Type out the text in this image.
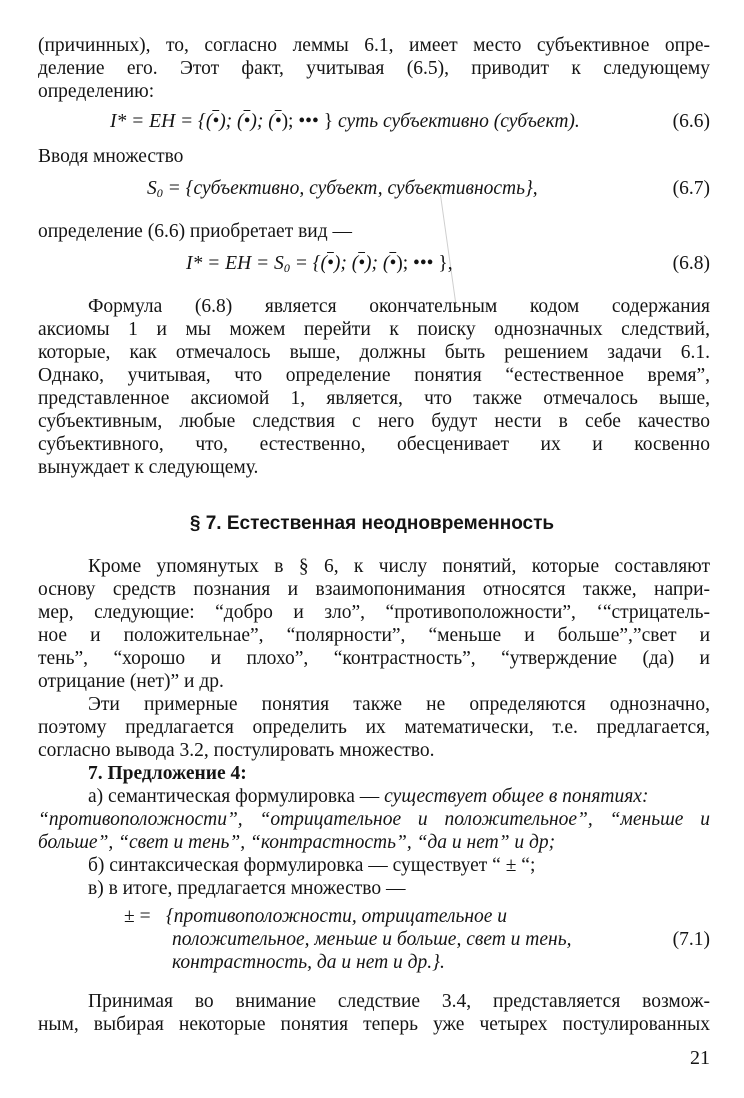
(причинных), то, согласно леммы 6.1, имеет место субъективное опре-
деление его. Этот факт, учитывая (6.5), приводит к следующему
определению:
I* = EH = {(•); (•); (•); ••• } суть субъективно (субъект).	(6.6)
Вводя множество
$S_0$ = {субъективно, субъект, субъективность},	(6.7)
определение (6.6) приобретает вид —
I* = EH = $S_0$ = {(•); (•); (•); ••• },	(6.8)
Формула (6.8) является окончательным кодом содержания
аксиомы 1 и мы можем перейти к поиску однозначных следствий,
которые, как отмечалось выше, должны быть решением задачи 6.1.
Однако, учитывая, что определение понятия “естественное время”,
представленное аксиомой 1, является, что также отмечалось выше,
субъективным, любые следствия с него будут нести в себе качество
субъективного, что, естественно, обесценивает их и косвенно
вынуждает к следующему.
§ 7. Естественная неодновременность
Кроме упомянутых в § 6, к числу понятий, которые составляют
основу средств познания и взаимопонимания относятся также, напри-
мер, следующие: “добро и зло”, “противоположности”, ‘“стрицатель-
ное и положительнае”, “полярности”, “меньше и больше”,”свет и
тень”, “хорошо и плохо”, “контрастность”, “утверждение (да) и
отрицание (нет)” и др.
Эти примерные понятия также не определяются однозначно,
поэтому предлагается определить их математически, т.е. предлагается,
согласно вывода 3.2, постулировать множество.
7. Предложение 4:
а) семантическая формулировка — существует общее в понятиях:
“противоположности”, “отрицательное и положительное”, “меньше и
больше”, “свет и тень”, “контрастность”, “да и нет” и др;
б) синтаксическая формулировка — существует “ ± “;
в) в итоге, предлагается множество —
± = {противоположности, отрицательное и
положительное, меньше и больше, свет и тень,
контрастность, да и нет и др.}.
(7.1)
Принимая во внимание следствие 3.4, представляется возмож-
ным, выбирая некоторые понятия теперь уже четырех постулированных
21
